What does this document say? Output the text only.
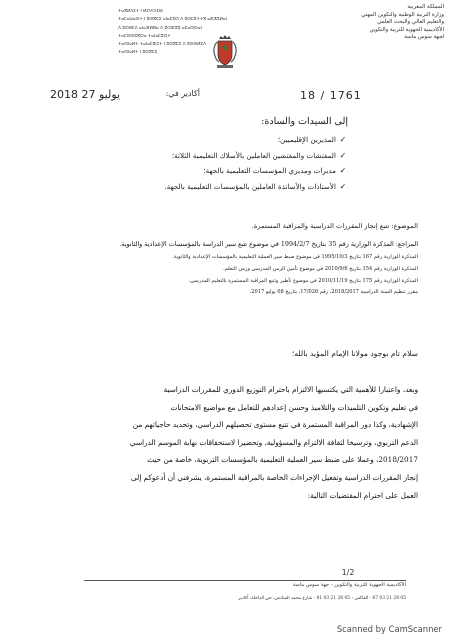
ⵜⴰⴳⵍⴷⵉⵜ ⵏ ⵍⵎⵖⵔⵉⴱ
ⵜⴰⵎⴰⵡⴰⵙⵜ ⵏ ⵓⵙⴳⵎⵉ ⴰⵏⴰⵎⵓⵔ ⴷ ⵓⵙⵎⵓⵜⵜⴳ ⴰⵣⵣⵓⵍⴰⵏ
ⴷ ⵓⵙⵍⵎⴷ ⴰⵏⴰⴼⵍⵍⴰ ⴷ ⵓⵔⵣⵣⵓ ⴰⵎⴰⵙⵙⴰⵏ
ⵜⴰⵎⵙⵙⵓⴳⵔⴰ ⵜⴰⵏⴰⵎⵓⵔⵜ
ⵜⴰⵙⵏⴰⵍⵜ ⵜⴰⵏⴰⵎⵓⵔⵜ ⵏ ⵓⵙⴳⵎⵉ ⴷ ⵓⵙⵙⵍⵎⴷ
ⵜⴰⵙⵏⴰⵍⵜ ⵏ ⵓⵙⴳⵎⵉ
المملكة المغربية
وزارة التربية الوطنية والتكوين المهني
والتعليم العالي والبحث العلمي
الأكاديمية الجهوية للتربية والتكوين
لجهة سوس ماسة
2018 ﻳﻮﻟﻴﻮ 27	أكادير في:	18 / 1761
إلى السيدات والسادة:
✓
المديرين الإقليميين؛
✓
المفتشات والمفتشين العاملين بالأسلاك التعليمية الثلاثة؛
✓
مديرات ومديري المؤسسات التعليمية بالجهة؛
✓
الأستاذات والأساتذة العاملين بالمؤسسات التعليمية بالجهة.
الموضوع: تتبع إنجاز المقررات الدراسية والمراقبة المستمرة.
المراجع: المذكرة الوزارية رقم 35 بتاريخ 1994/2/7 في موضوع تتبع سير الدراسة بالمؤسسات الإعدادية والثانوية.
المذكرة الوزارية رقم 167 بتاريخ 1995/10/3 في موضوع ضبط سير العملية التعليمية بالمؤسسات الإعدادية والثانوية.
المذكرة الوزارية رقم 154 بتاريخ 2010/9/6 في موضوع تأمين الزمن المدرسي وزمن التعلم.
المذكرة الوزارية رقم 175 بتاريخ 2010/11/19 في موضوع تأطير وتتبع المراقبة المستمرة بالتعليم المدرسي.
مقرر تنظيم السنة الدراسية 2018/2017، رقم 17/026، بتاريخ 08 يوليو 2017.
سلام تام بوجود مولانا الإمام المؤيد بالله؛
وبعد، واعتبارا للأهمية التي يكتسيها الالتزام باحترام التوزيع الدوري للمقررات الدراسية
في تعليم وتكوين التلميذات والتلاميذ وحسن إعدادهم للتعامل مع مواضيع الامتحانات
الإشهادية، وكذا دور المراقبة المستمرة في تتبع مستوى تحصيلهم الدراسي، وتحديد حاجياتهم من
الدعم التربوي، وترسيخا لثقافة الالتزام والمسؤولية، وتحضيرا لاستحقاقات نهاية الموسم الدراسي
2018/2017، وعملا على ضبط سير العملية التعليمية بالمؤسسات التربوية، خاصة من حيث
إنجاز المقررات الدراسية وتفعيل الإجراءات الخاصة بالمراقبة المستمرة، يشرفني أن أدعوكم إلى
العمل على احترام المقتضيات التالية:
1/2
الأكاديمية الجهوية للتربية والتكوين - جهة سوس ماسة
05 28 21 03 87 - الفاكس : 05 28 21 03 81 - شارع محمد السادس، حي الداخلة، أكادير
Scanned by CamScanner
